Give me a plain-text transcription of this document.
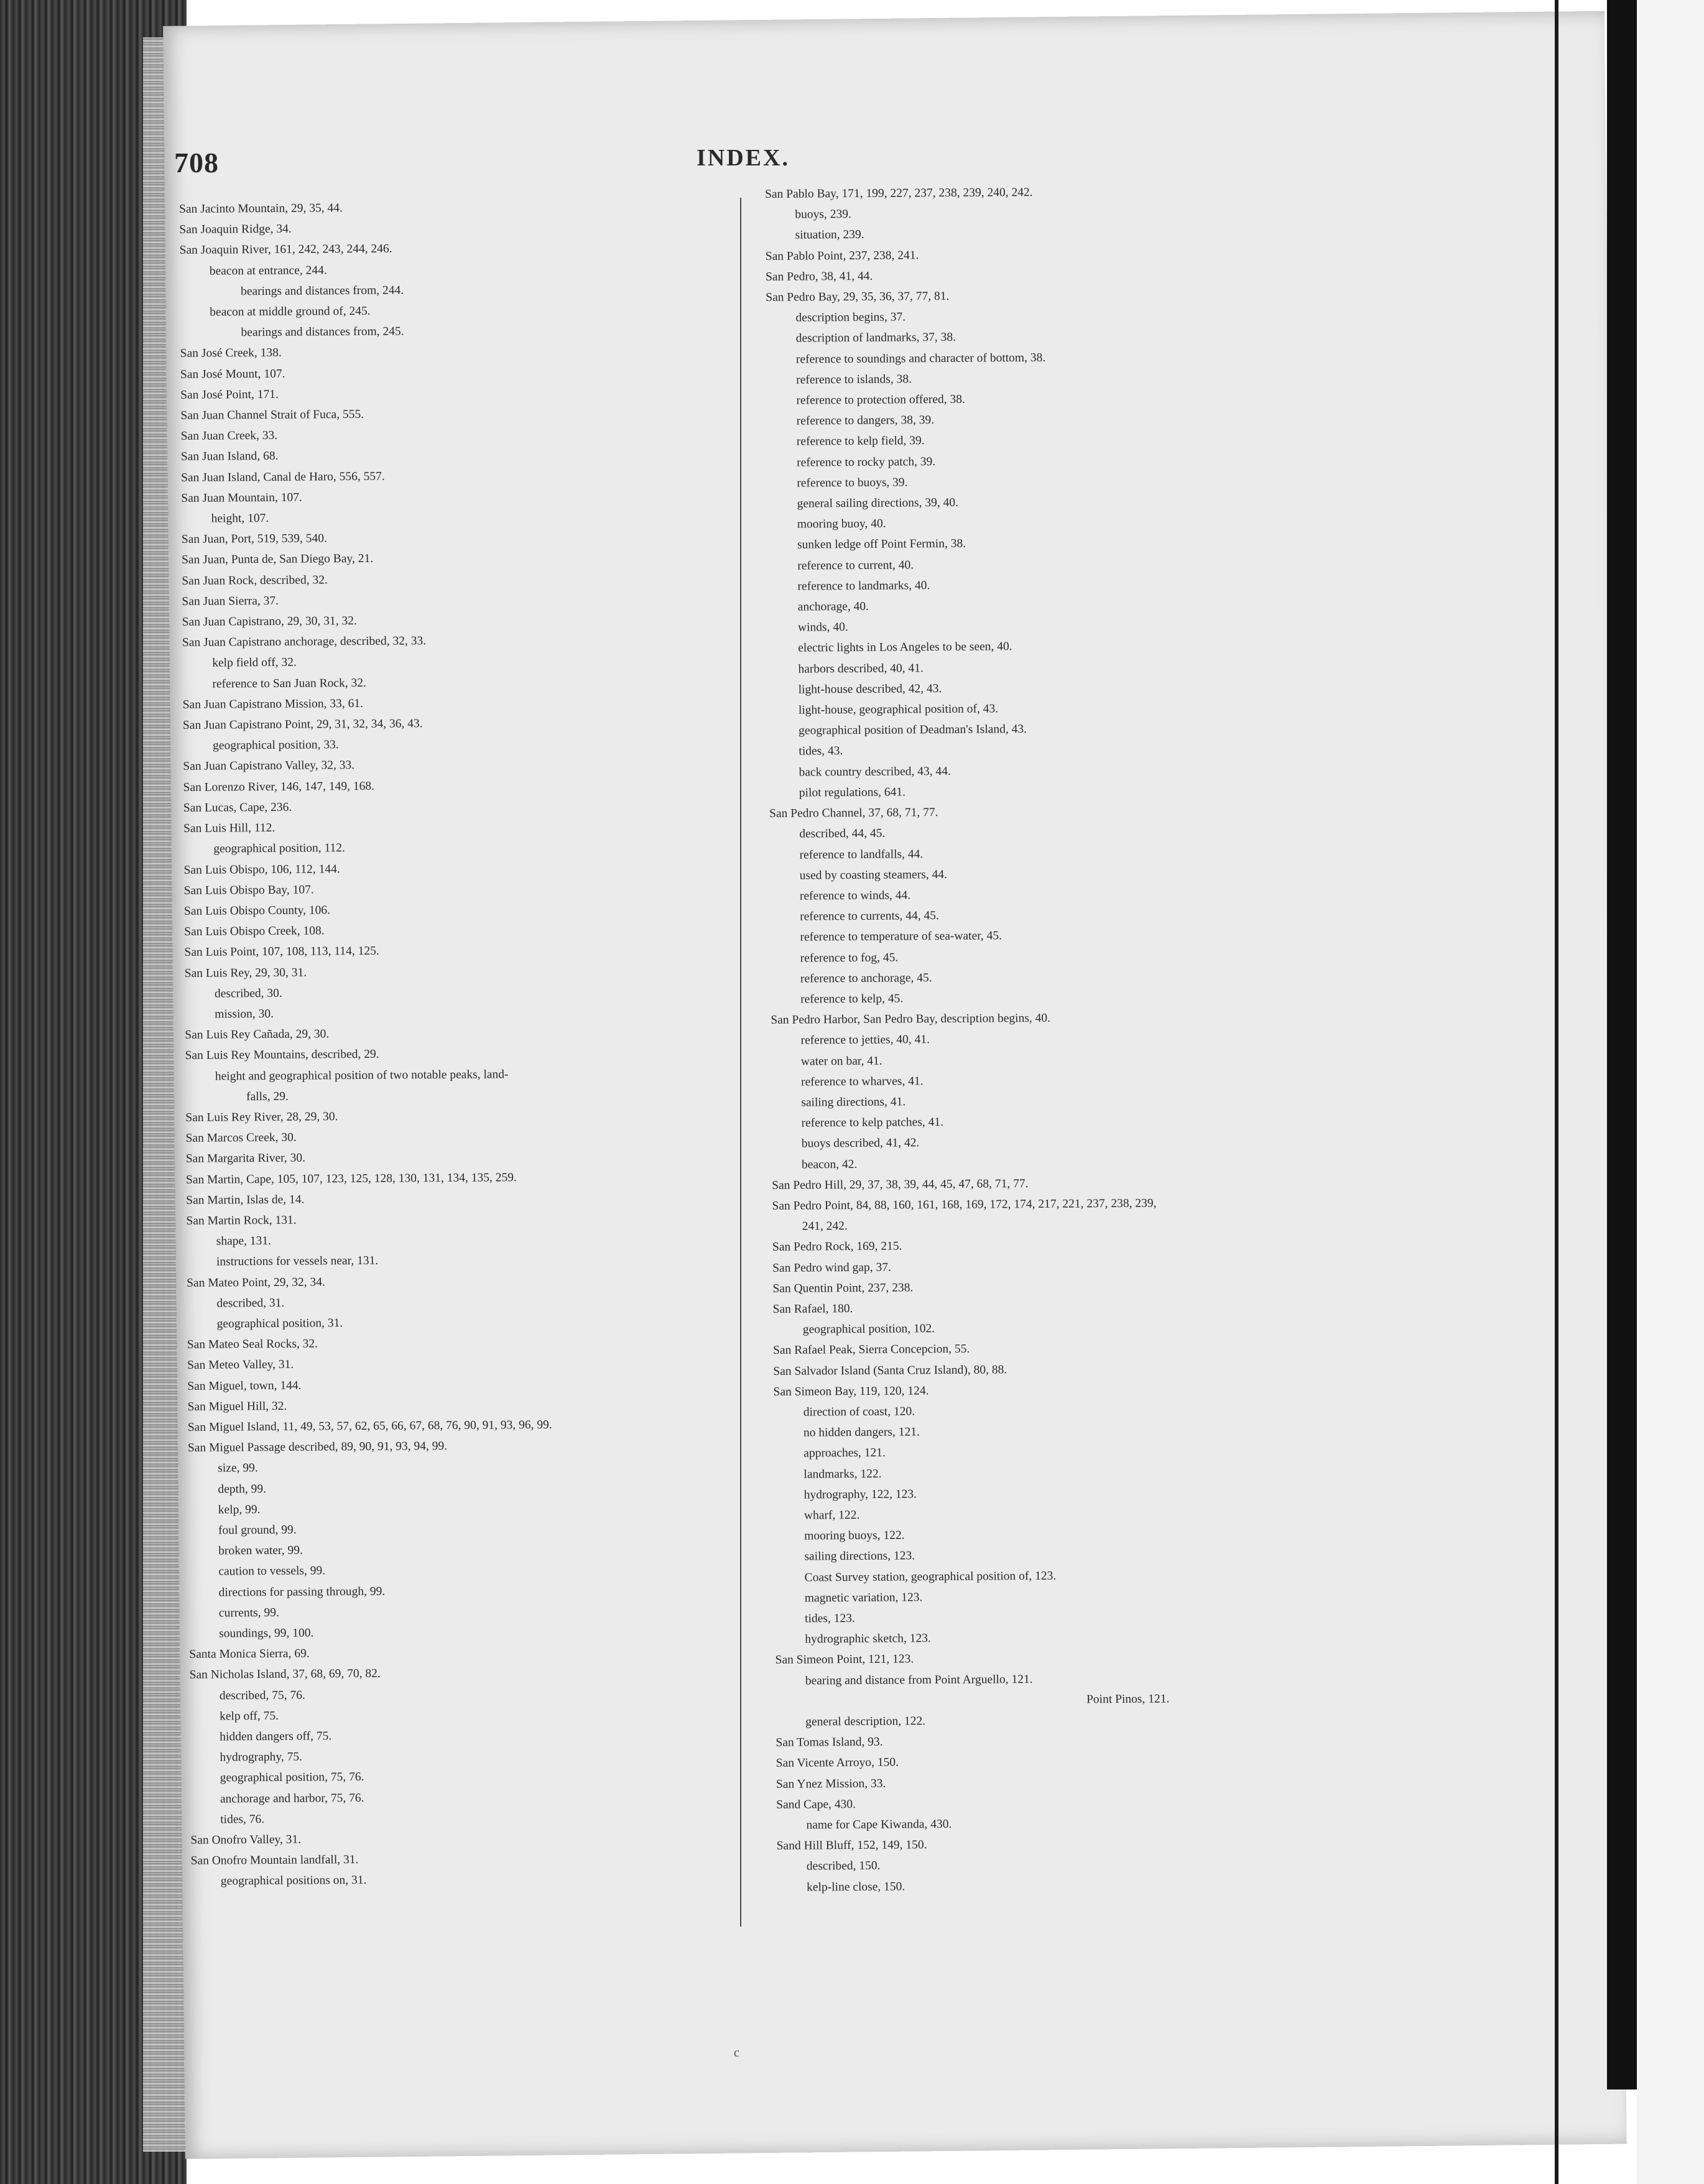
708	INDEX.
San Jacinto Mountain, 29, 35, 44.
San Joaquin Ridge, 34.
San Joaquin River, 161, 242, 243, 244, 246.
beacon at entrance, 244.
bearings and distances from, 244.
beacon at middle ground of, 245.
bearings and distances from, 245.
San José Creek, 138.
San José Mount, 107.
San José Point, 171.
San Juan Channel Strait of Fuca, 555.
San Juan Creek, 33.
San Juan Island, 68.
San Juan Island, Canal de Haro, 556, 557.
San Juan Mountain, 107.
height, 107.
San Juan, Port, 519, 539, 540.
San Juan, Punta de, San Diego Bay, 21.
San Juan Rock, described, 32.
San Juan Sierra, 37.
San Juan Capistrano, 29, 30, 31, 32.
San Juan Capistrano anchorage, described, 32, 33.
kelp field off, 32.
reference to San Juan Rock, 32.
San Juan Capistrano Mission, 33, 61.
San Juan Capistrano Point, 29, 31, 32, 34, 36, 43.
geographical position, 33.
San Juan Capistrano Valley, 32, 33.
San Lorenzo River, 146, 147, 149, 168.
San Lucas, Cape, 236.
San Luis Hill, 112.
geographical position, 112.
San Luis Obispo, 106, 112, 144.
San Luis Obispo Bay, 107.
San Luis Obispo County, 106.
San Luis Obispo Creek, 108.
San Luis Point, 107, 108, 113, 114, 125.
San Luis Rey, 29, 30, 31.
described, 30.
mission, 30.
San Luis Rey Cañada, 29, 30.
San Luis Rey Mountains, described, 29.
height and geographical position of two notable peaks, land-
falls, 29.
San Luis Rey River, 28, 29, 30.
San Marcos Creek, 30.
San Margarita River, 30.
San Martin, Cape, 105, 107, 123, 125, 128, 130, 131, 134, 135, 259.
San Martin, Islas de, 14.
San Martin Rock, 131.
shape, 131.
instructions for vessels near, 131.
San Mateo Point, 29, 32, 34.
described, 31.
geographical position, 31.
San Mateo Seal Rocks, 32.
San Meteo Valley, 31.
San Miguel, town, 144.
San Miguel Hill, 32.
San Miguel Island, 11, 49, 53, 57, 62, 65, 66, 67, 68, 76, 90, 91, 93, 96, 99.
San Miguel Passage described, 89, 90, 91, 93, 94, 99.
size, 99.
depth, 99.
kelp, 99.
foul ground, 99.
broken water, 99.
caution to vessels, 99.
directions for passing through, 99.
currents, 99.
soundings, 99, 100.
Santa Monica Sierra, 69.
San Nicholas Island, 37, 68, 69, 70, 82.
described, 75, 76.
kelp off, 75.
hidden dangers off, 75.
hydrography, 75.
geographical position, 75, 76.
anchorage and harbor, 75, 76.
tides, 76.
San Onofro Valley, 31.
San Onofro Mountain landfall, 31.
geographical positions on, 31.
San Pablo Bay, 171, 199, 227, 237, 238, 239, 240, 242.
buoys, 239.
situation, 239.
San Pablo Point, 237, 238, 241.
San Pedro, 38, 41, 44.
San Pedro Bay, 29, 35, 36, 37, 77, 81.
description begins, 37.
description of landmarks, 37, 38.
reference to soundings and character of bottom, 38.
reference to islands, 38.
reference to protection offered, 38.
reference to dangers, 38, 39.
reference to kelp field, 39.
reference to rocky patch, 39.
reference to buoys, 39.
general sailing directions, 39, 40.
mooring buoy, 40.
sunken ledge off Point Fermin, 38.
reference to current, 40.
reference to landmarks, 40.
anchorage, 40.
winds, 40.
electric lights in Los Angeles to be seen, 40.
harbors described, 40, 41.
light-house described, 42, 43.
light-house, geographical position of, 43.
geographical position of Deadman's Island, 43.
tides, 43.
back country described, 43, 44.
pilot regulations, 641.
San Pedro Channel, 37, 68, 71, 77.
described, 44, 45.
reference to landfalls, 44.
used by coasting steamers, 44.
reference to winds, 44.
reference to currents, 44, 45.
reference to temperature of sea-water, 45.
reference to fog, 45.
reference to anchorage, 45.
reference to kelp, 45.
San Pedro Harbor, San Pedro Bay, description begins, 40.
reference to jetties, 40, 41.
water on bar, 41.
reference to wharves, 41.
sailing directions, 41.
reference to kelp patches, 41.
buoys described, 41, 42.
beacon, 42.
San Pedro Hill, 29, 37, 38, 39, 44, 45, 47, 68, 71, 77.
San Pedro Point, 84, 88, 160, 161, 168, 169, 172, 174, 217, 221, 237, 238, 239,
241, 242.
San Pedro Rock, 169, 215.
San Pedro wind gap, 37.
San Quentin Point, 237, 238.
San Rafael, 180.
geographical position, 102.
San Rafael Peak, Sierra Concepcion, 55.
San Salvador Island (Santa Cruz Island), 80, 88.
San Simeon Bay, 119, 120, 124.
direction of coast, 120.
no hidden dangers, 121.
approaches, 121.
landmarks, 122.
hydrography, 122, 123.
wharf, 122.
mooring buoys, 122.
sailing directions, 123.
Coast Survey station, geographical position of, 123.
magnetic variation, 123.
tides, 123.
hydrographic sketch, 123.
San Simeon Point, 121, 123.
bearing and distance from Point Arguello, 121.
Point Pinos, 121.
general description, 122.
San Tomas Island, 93.
San Vicente Arroyo, 150.
San Ynez Mission, 33.
Sand Cape, 430.
name for Cape Kiwanda, 430.
Sand Hill Bluff, 152, 149, 150.
described, 150.
kelp-line close, 150.
c
